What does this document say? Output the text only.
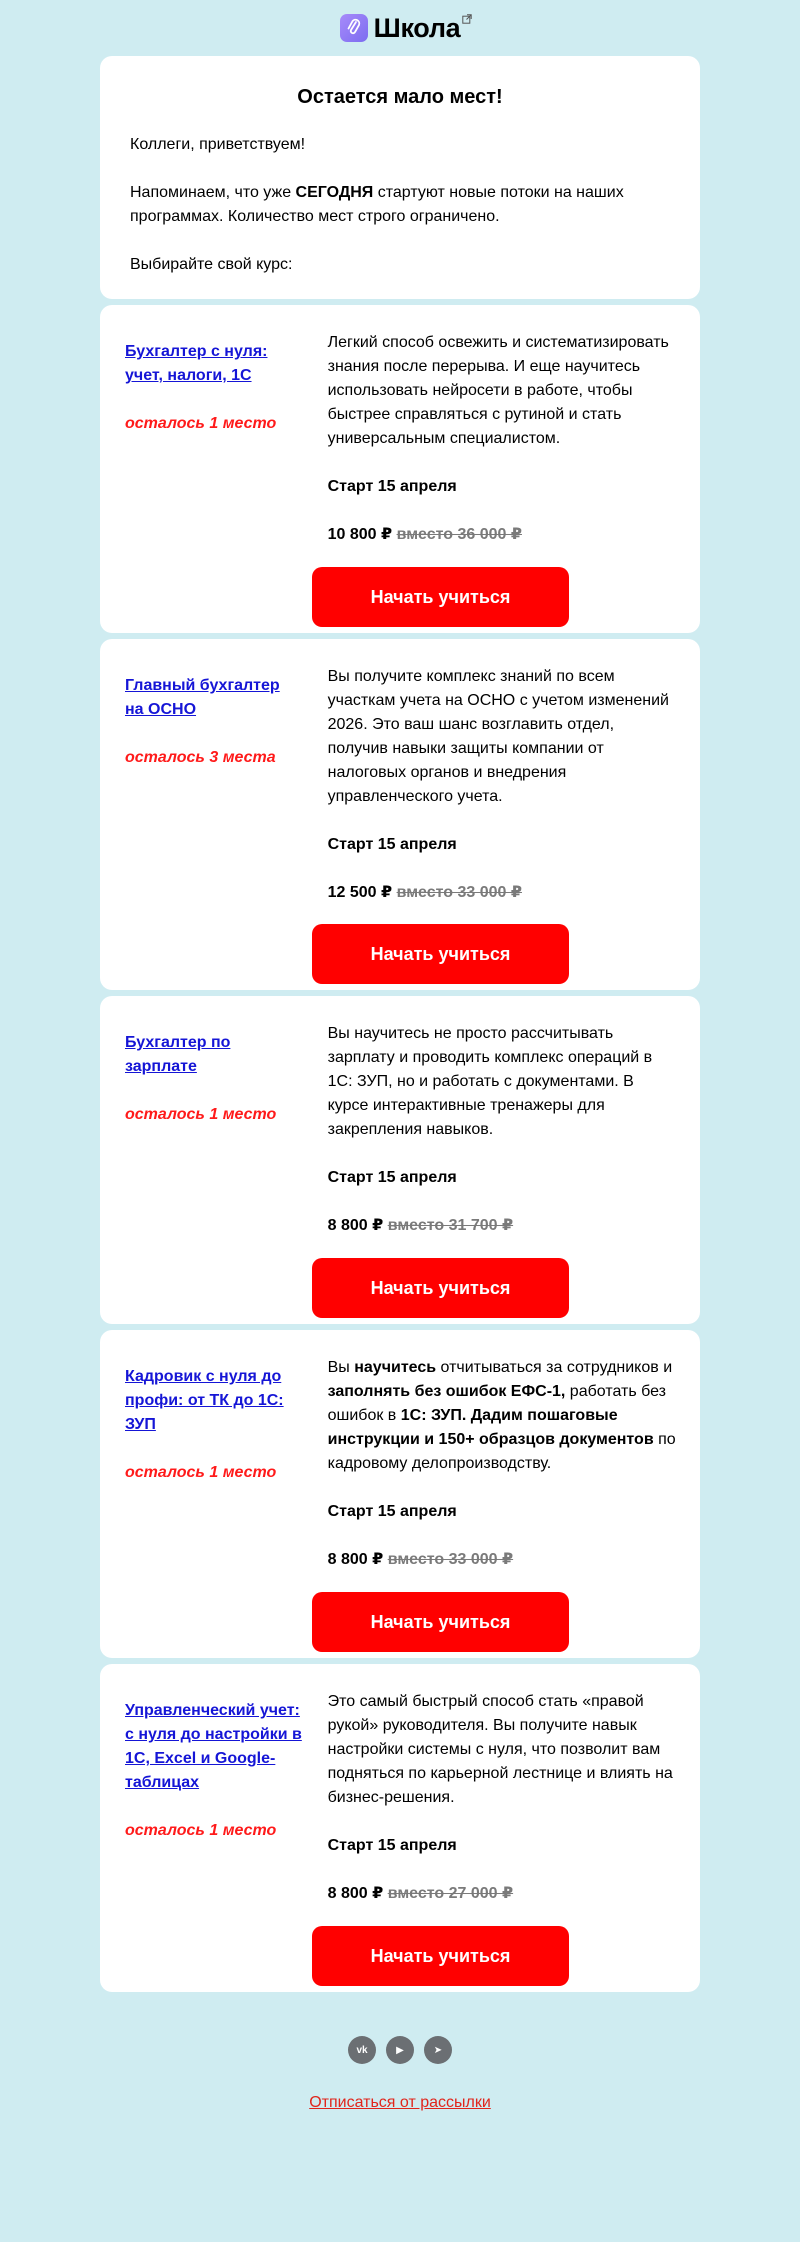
Школа
Остается мало мест!

Коллеги, приветствуем!

Напоминаем, что уже СЕГОДНЯ стартуют новые потоки на наших программах. Количество мест строго ограничено.

Выбирайте свой курс:

Бухгалтер с нуля: учет, налоги, 1С
осталось 1 место
Легкий способ освежить и систематизировать знания после перерыва. И еще научитесь использовать нейросети в работе, чтобы быстрее справляться с рутиной и стать универсальным специалистом.
Старт 15 апреля
10 800 ₽ вместо 36 000 ₽
Начать учиться
Главный бухгалтер на ОСНО
осталось 3 места
Вы получите комплекс знаний по всем участкам учета на ОСНО с учетом изменений 2026. Это ваш шанс возглавить отдел, получив навыки защиты компании от налоговых органов и внедрения управленческого учета.
Старт 15 апреля
12 500 ₽ вместо 33 000 ₽
Начать учиться
Бухгалтер по зарплате
осталось 1 место
Вы научитесь не просто рассчитывать зарплату и проводить комплекс операций в 1С: ЗУП, но и работать с документами. В курсе интерактивные тренажеры для закрепления навыков.
Старт 15 апреля
8 800 ₽ вместо 31 700 ₽
Начать учиться
Кадровик с нуля до профи: от ТК до 1С: ЗУП
осталось 1 место
Вы научитесь отчитываться за сотрудников и заполнять без ошибок ЕФС-1, работать без ошибок в 1С: ЗУП. Дадим пошаговые инструкции и 150+ образцов документов по кадровому делопроизводству.
Старт 15 апреля
8 800 ₽ вместо 33 000 ₽
Начать учиться
Управленческий учет: с нуля до настройки в 1С, Excel и Google-таблицах
осталось 1 место
Это самый быстрый способ стать «правой рукой» руководителя. Вы получите навык настройки системы с нуля, что позволит вам подняться по карьерной лестнице и влиять на бизнес-решения.
Старт 15 апреля
8 800 ₽ вместо 27 000 ₽
Начать учиться
vk	▶	➤
Отписаться от рассылки
